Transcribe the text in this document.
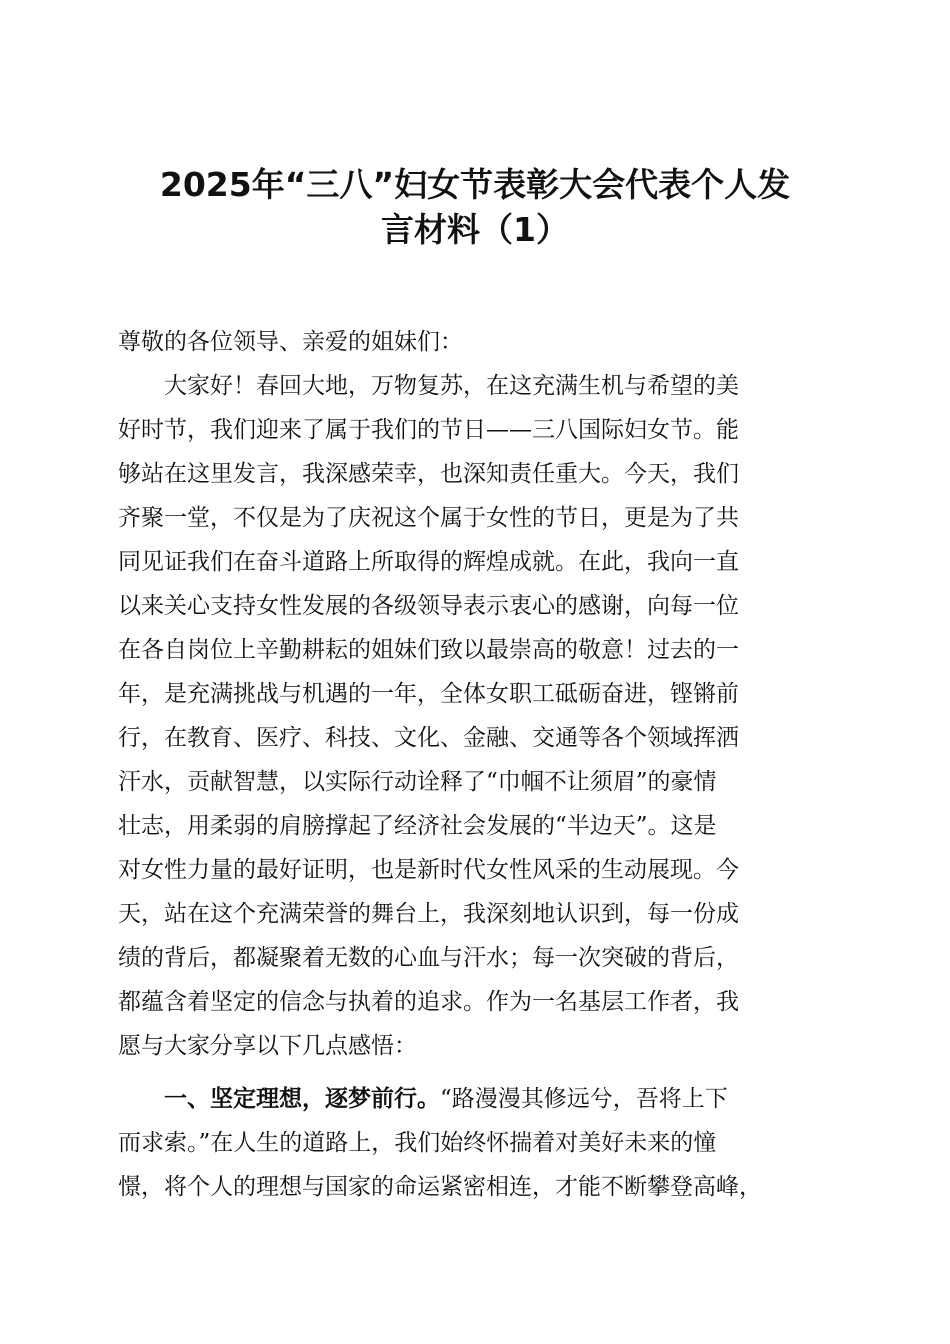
2025年“三八”妇女节表彰大会代表个人发
言材料（1）
尊敬的各位领导、亲爱的姐妹们：
大家好！春回大地，万物复苏，在这充满生机与希望的美
好时节，我们迎来了属于我们的节日——三八国际妇女节。能
够站在这里发言，我深感荣幸，也深知责任重大。今天，我们
齐聚一堂，不仅是为了庆祝这个属于女性的节日，更是为了共
同见证我们在奋斗道路上所取得的辉煌成就。在此，我向一直
以来关心支持女性发展的各级领导表示衷心的感谢，向每一位
在各自岗位上辛勤耕耘的姐妹们致以最崇高的敬意！过去的一
年，是充满挑战与机遇的一年，全体女职工砥砺奋进，铿锵前
行，在教育、医疗、科技、文化、金融、交通等各个领域挥洒
汗水，贡献智慧，以实际行动诠释了“巾帼不让须眉”的豪情
壮志，用柔弱的肩膀撑起了经济社会发展的“半边天”。这是
对女性力量的最好证明，也是新时代女性风采的生动展现。今
天，站在这个充满荣誉的舞台上，我深刻地认识到，每一份成
绩的背后，都凝聚着无数的心血与汗水；每一次突破的背后，
都蕴含着坚定的信念与执着的追求。作为一名基层工作者，我
愿与大家分享以下几点感悟：
一、坚定理想，逐梦前行。“路漫漫其修远兮，吾将上下
而求索。”在人生的道路上，我们始终怀揣着对美好未来的憧
憬，将个人的理想与国家的命运紧密相连，才能不断攀登高峰，
